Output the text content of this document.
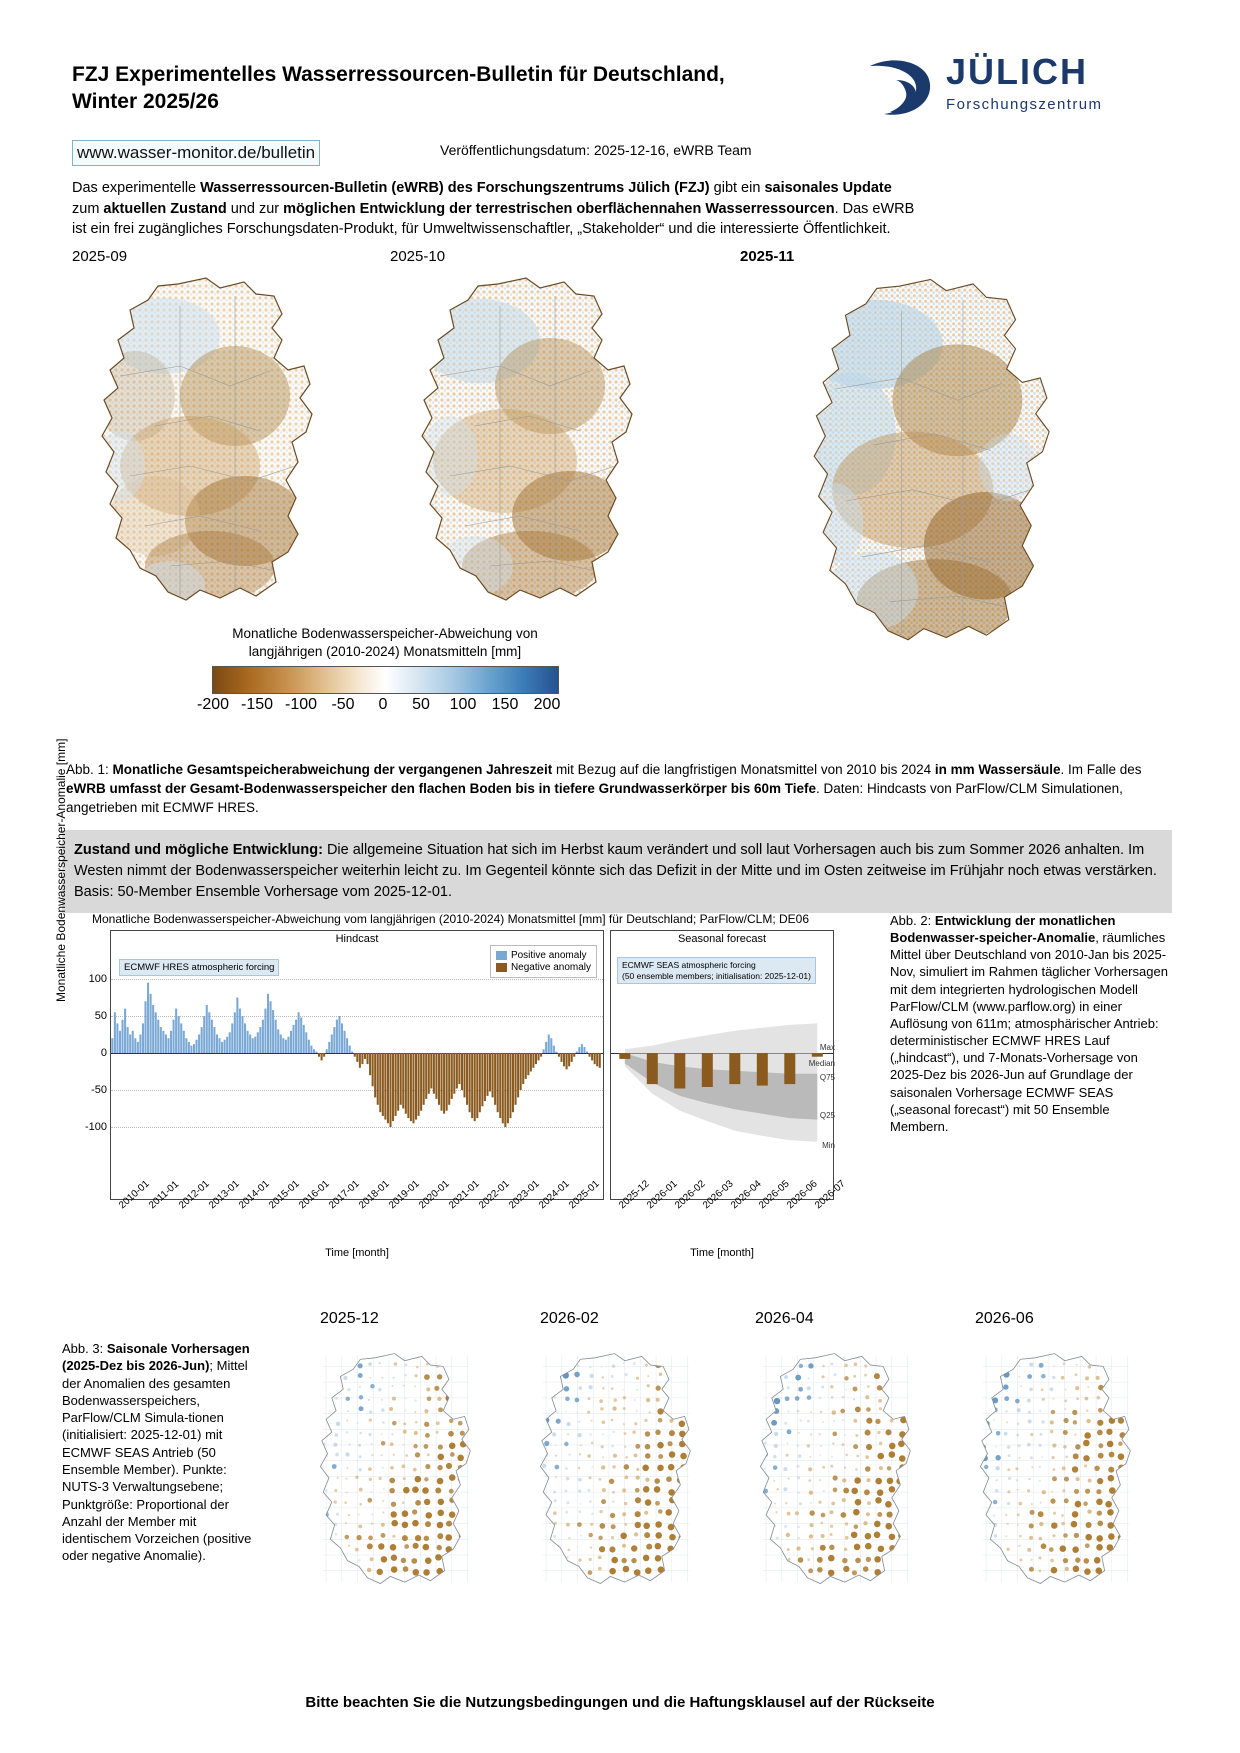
FZJ Experimentelles Wasserressourcen-Bulletin für Deutschland, Winter 2025/26
JÜLICH
Forschungszentrum
www.wasser-monitor.de/bulletin	Veröffentlichungsdatum: 2025-12-16, eWRB Team
Das experimentelle Wasserressourcen-Bulletin (eWRB) des Forschungszentrums Jülich (FZJ) gibt ein saisonales Update
zum aktuellen Zustand und zur möglichen Entwicklung der terrestrischen oberflächennahen Wasserressourcen. Das eWRB
ist ein frei zugängliches Forschungsdaten-Produkt, für Umweltwissenschaftler, „Stakeholder“ und die interessierte Öffentlichkeit.
2025-09	2025-10	2025-11
Monatliche Bodenwasserspeicher-Abweichung von
langjährigen (2010-2024) Monatsmitteln [mm]
-200 -150 -100 -50 0 50 100 150 200
Abb. 1: Monatliche Gesamtspeicherabweichung der vergangenen Jahreszeit mit Bezug auf die langfristigen Monatsmittel von 2010 bis 2024 in mm Wassersäule. Im Falle des eWRB umfasst der Gesamt-Bodenwasserspeicher den flachen Boden bis in tiefere Grundwasserkörper bis 60m Tiefe. Daten: Hindcasts von ParFlow/CLM Simulationen, angetrieben mit ECMWF HRES.
Zustand und mögliche Entwicklung: Die allgemeine Situation hat sich im Herbst kaum verändert und soll laut Vorhersagen auch bis zum Sommer 2026 anhalten. Im Westen nimmt der Bodenwasserspeicher weiterhin leicht zu. Im Gegenteil könnte sich das Defizit in der Mitte und im Osten zeitweise im Frühjahr noch etwas verstärken. Basis: 50-Member Ensemble Vorhersage vom 2025-12-01.
Monatliche Bodenwasserspeicher-Abweichung vom langjährigen (2010-2024) Monatsmittel [mm] für Deutschland; ParFlow/CLM; DE06
Monatliche Bodenwasserspeicher-Anomalie [mm]	Hindcast
ECMWF HRES atmospheric forcing
Positive anomaly
Negative anomaly
100
50
0
-50
-100
2010-01
2011-01
2012-01
2013-01
2014-01
2015-01
2016-01
2017-01
2018-01
2019-01
2020-01
2021-01
2022-01
2023-01
2024-01
2025-01
Time [month]
Seasonal forecast
ECMWF SEAS atmospheric forcing
(50 ensemble members; initialisation: 2025-12-01)
Max
Median
Q75
Q25
Min
2025-12
2026-01
2026-02
2026-03
2026-04
2026-05
2026-06
2026-07
Time [month]
Abb. 2: Entwicklung der monatlichen Bodenwasser-speicher-Anomalie, räumliches Mittel über Deutschland von 2010-Jan bis 2025-Nov, simuliert im Rahmen täglicher Vorhersagen mit dem integrierten hydrologischen Modell ParFlow/CLM (www.parflow.org) in einer Auflösung von 611m; atmosphärischer Antrieb: deterministischer ECMWF HRES Lauf („hindcast“), und 7-Monats-Vorhersage von 2025-Dez bis 2026-Jun auf Grundlage der saisonalen Vorhersage ECMWF SEAS („seasonal forecast“) mit 50 Ensemble Membern.
Abb. 3: Saisonale Vorhersagen (2025-Dez bis 2026-Jun); Mittel der Anomalien des gesamten Bodenwasserspeichers, ParFlow/CLM Simula-tionen (initialisiert: 2025-12-01) mit ECMWF SEAS Antrieb (50 Ensemble Member). Punkte: NUTS-3 Verwaltungsebene; Punktgröße: Proportional der Anzahl der Member mit identischem Vorzeichen (positive oder negative Anomalie).
2025-12	2026-02	2026-04	2026-06
Bitte beachten Sie die Nutzungsbedingungen und die Haftungsklausel auf der Rückseite
